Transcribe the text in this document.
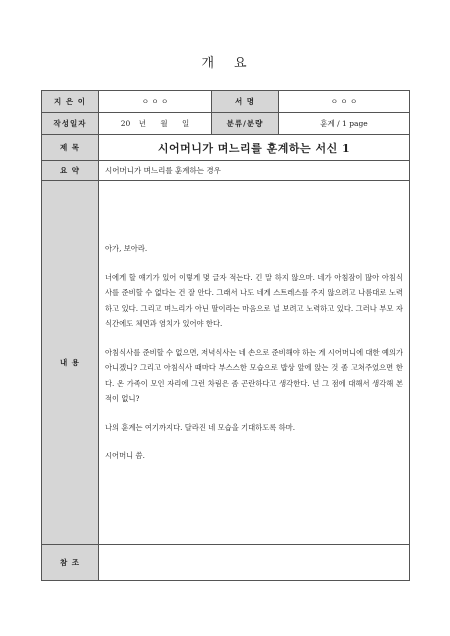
개 요
지 은 이	ㅇ ㅇ ㅇ	서 명	ㅇ ㅇ ㅇ
작성일자	20 년 월 일	분류/분량	훈계 / 1 page
제 목	시어머니가 며느리를 훈계하는 서신 1		
요 약	시어머니가 며느리를 훈계하는 경우		
내 용	아가, 보아라.

너에게 할 얘기가 있어 이렇게 몇 글자 적는다. 긴 말 하지 않으마. 네가 아침잠이 많아 아침식사를 준비할 수 없다는 건 잘 안다. 그래서 나도 네게 스트레스를 주지 않으려고 나름대로 노력하고 있다. 그리고 며느리가 아닌 딸이라는 마음으로 널 보려고 노력하고 있다. 그러나 부모 자식간에도 체면과 염치가 있어야 한다.

아침식사를 준비할 수 없으면, 저녁식사는 네 손으로 준비해야 하는 게 시어머니에 대한 예의가 아니겠니? 그리고 아침식사 때마다 부스스한 모습으로 밥상 앞에 앉는 것 좀 고쳐주었으면 한다. 온 가족이 모인 자리에 그런 차림은 좀 곤란하다고 생각한다. 넌 그 점에 대해서 생각해 본 적이 없니?

나의 훈계는 여기까지다. 달라진 네 모습을 기대하도록 하마.

시어머니 씀.		

참 조			
